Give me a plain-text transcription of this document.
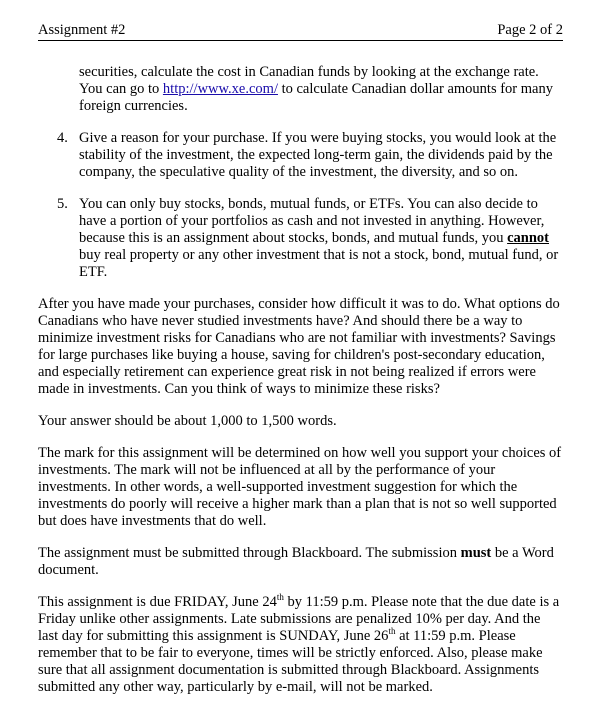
Assignment #2	Page 2 of 2

securities, calculate the cost in Canadian funds by looking at the exchange rate. You can go to http://www.xe.com/ to calculate Canadian dollar amounts for many foreign currencies.

4. Give a reason for your purchase. If you were buying stocks, you would look at the stability of the investment, the expected long-term gain, the dividends paid by the company, the speculative quality of the investment, the diversity, and so on.
5. You can only buy stocks, bonds, mutual funds, or ETFs. You can also decide to have a portion of your portfolios as cash and not invested in anything. However, because this is an assignment about stocks, bonds, and mutual funds, you cannot buy real property or any other investment that is not a stock, bond, mutual fund, or ETF.

After you have made your purchases, consider how difficult it was to do. What options do Canadians who have never studied investments have? And should there be a way to minimize investment risks for Canadians who are not familiar with investments? Savings for large purchases like buying a house, saving for children's post-secondary education, and especially retirement can experience great risk in not being realized if errors were made in investments. Can you think of ways to minimize these risks?

Your answer should be about 1,000 to 1,500 words.

The mark for this assignment will be determined on how well you support your choices of investments. The mark will not be influenced at all by the performance of your investments. In other words, a well-supported investment suggestion for which the investments do poorly will receive a higher mark than a plan that is not so well supported but does have investments that do well.

The assignment must be submitted through Blackboard. The submission must be a Word document.

This assignment is due FRIDAY, June 24th by 11:59 p.m. Please note that the due date is a Friday unlike other assignments. Late submissions are penalized 10% per day. And the last day for submitting this assignment is SUNDAY, June 26th at 11:59 p.m. Please remember that to be fair to everyone, times will be strictly enforced. Also, please make sure that all assignment documentation is submitted through Blackboard. Assignments submitted any other way, particularly by e-mail, will not be marked.
